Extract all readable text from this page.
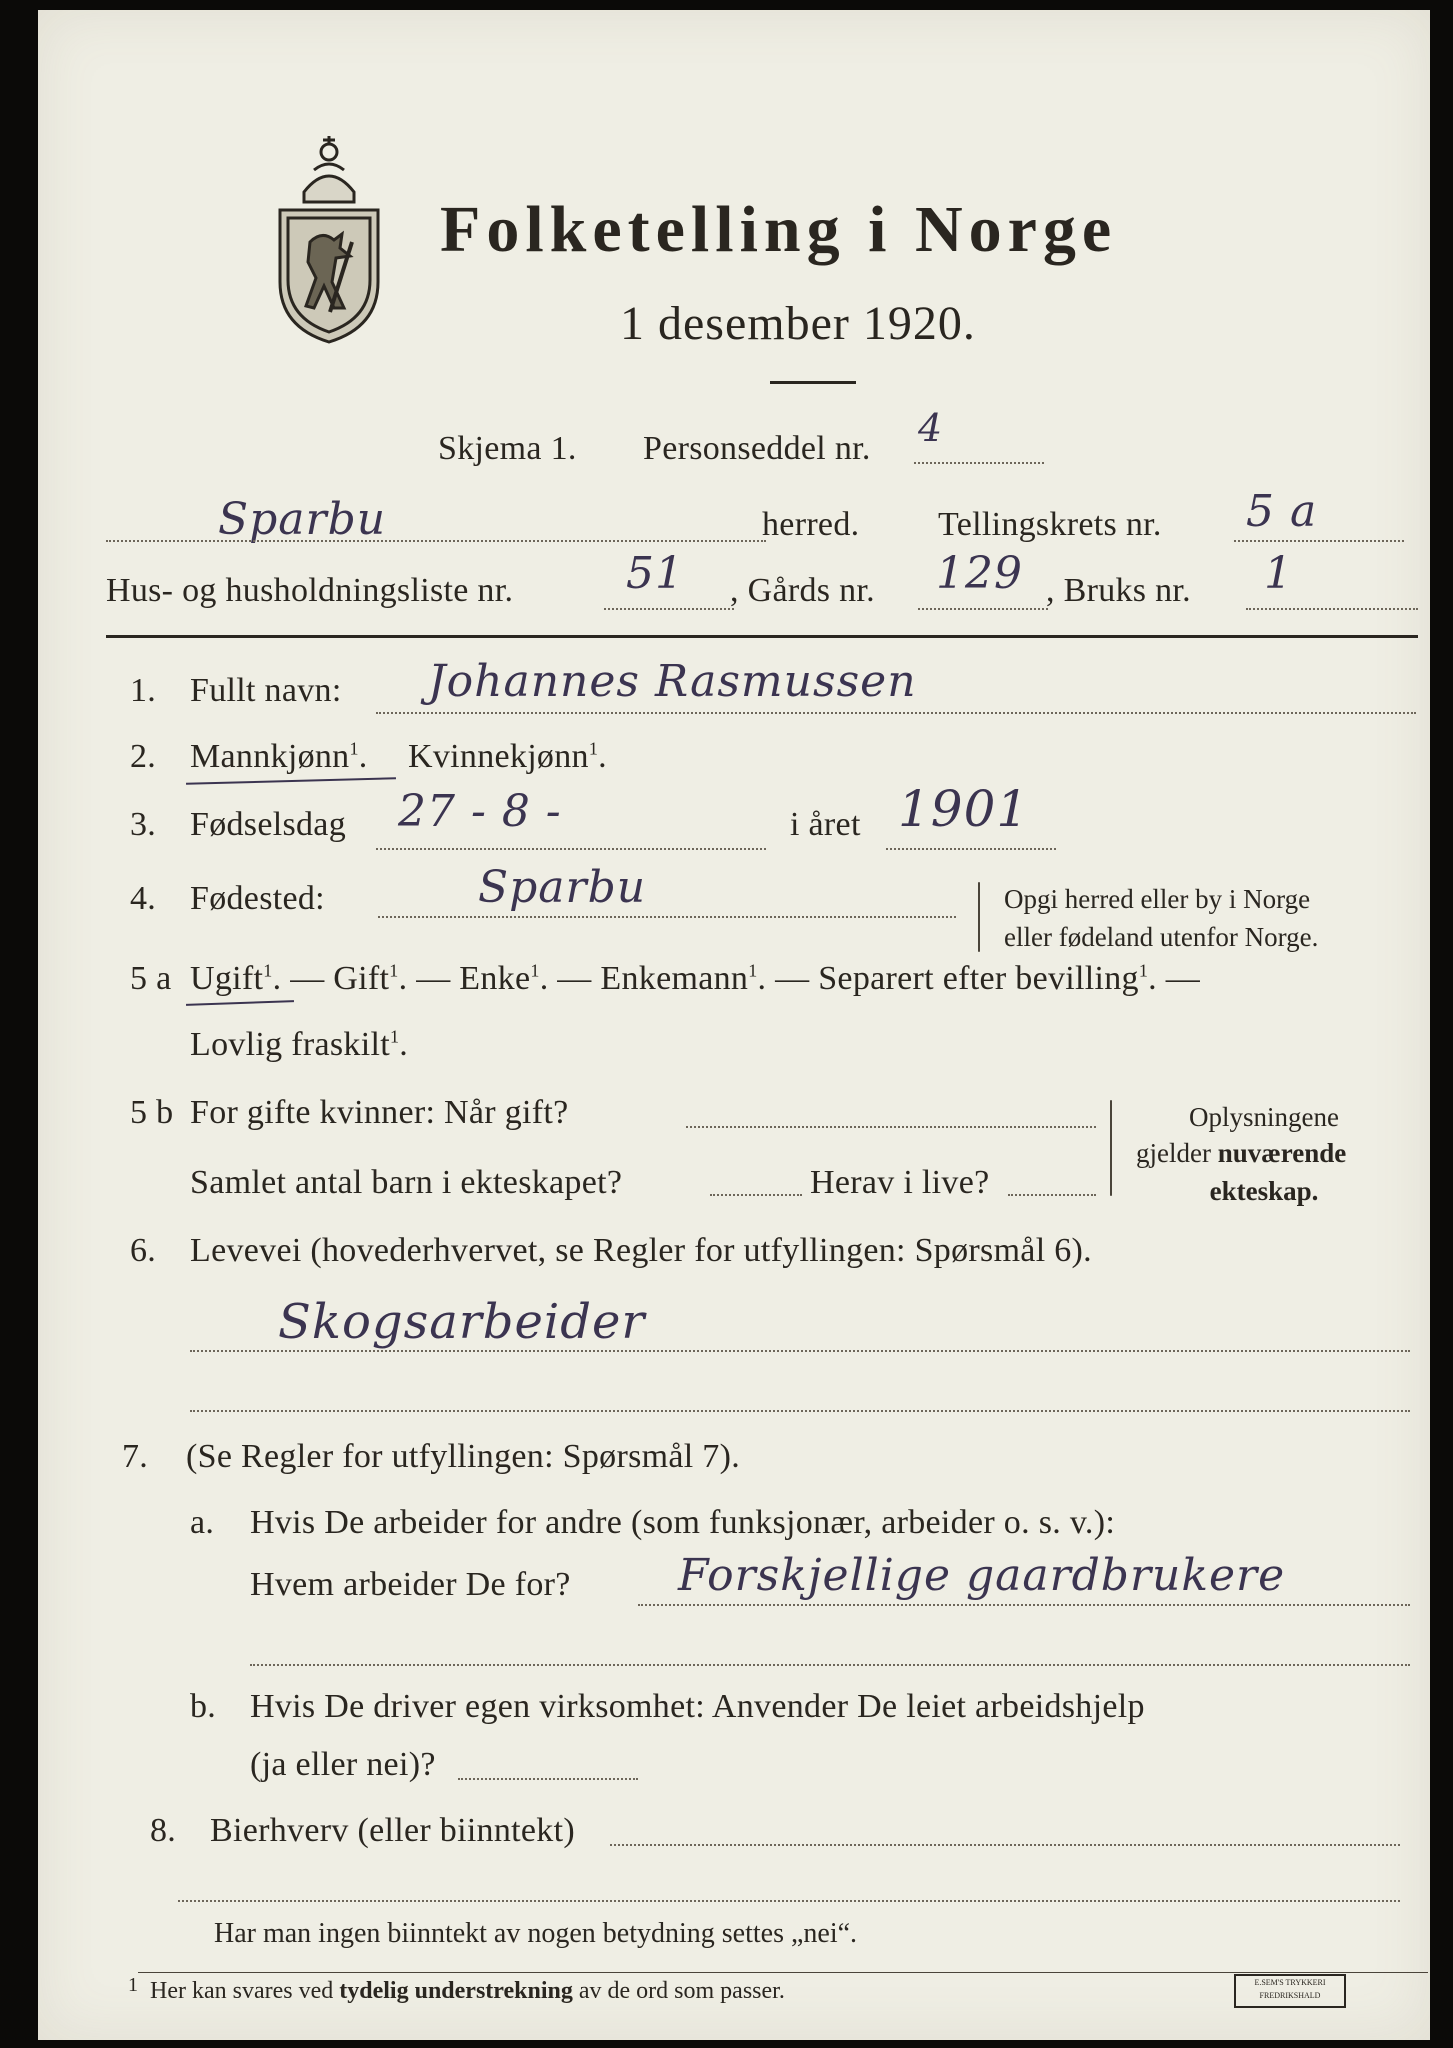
Folketelling i Norge
1 desember 1920.
Skjema 1. Personseddel nr. 4
Sparbu	herred. Tellingskrets nr. 5 a
Hus- og husholdningsliste nr.	51 , Gårds nr. 129 , Bruks nr. 1
1. Fullt navn: Johannes Rasmussen
2. Mannkjønn$^1$. Kvinnekjønn$^1$.
3. Fødselsdag 27 - 8 -	i året 1901
4. Fødested:	Sparbu	Opgi herred eller by i Norge
eller fødeland utenfor Norge.
5 a Ugift$^1$. — Gift$^1$. — Enke$^1$. — Enkemann$^1$. — Separert efter bevilling$^1$. —
Lovlig fraskilt$^1$.
5 b For gifte kvinner: Når gift?
Samlet antal barn i ekteskapet?	Herav i live?
Oplysningene
gjelder nuværende
ekteskap.
6. Levevei (hovederhvervet, se Regler for utfyllingen: Spørsmål 6).
Skogsarbeider
7. (Se Regler for utfyllingen: Spørsmål 7).
a. Hvis De arbeider for andre (som funksjonær, arbeider o. s. v.):
Hvem arbeider De for? Forskjellige gaardbrukere
b. Hvis De driver egen virksomhet: Anvender De leiet arbeidshjelp
(ja eller nei)?
8. Bierhverv (eller biinntekt)
Har man ingen biinntekt av nogen betydning settes „nei“.
1 Her kan svares ved tydelig understrekning av de ord som passer.	E.SEM'S TRYKKERI
FREDRIKSHALD
